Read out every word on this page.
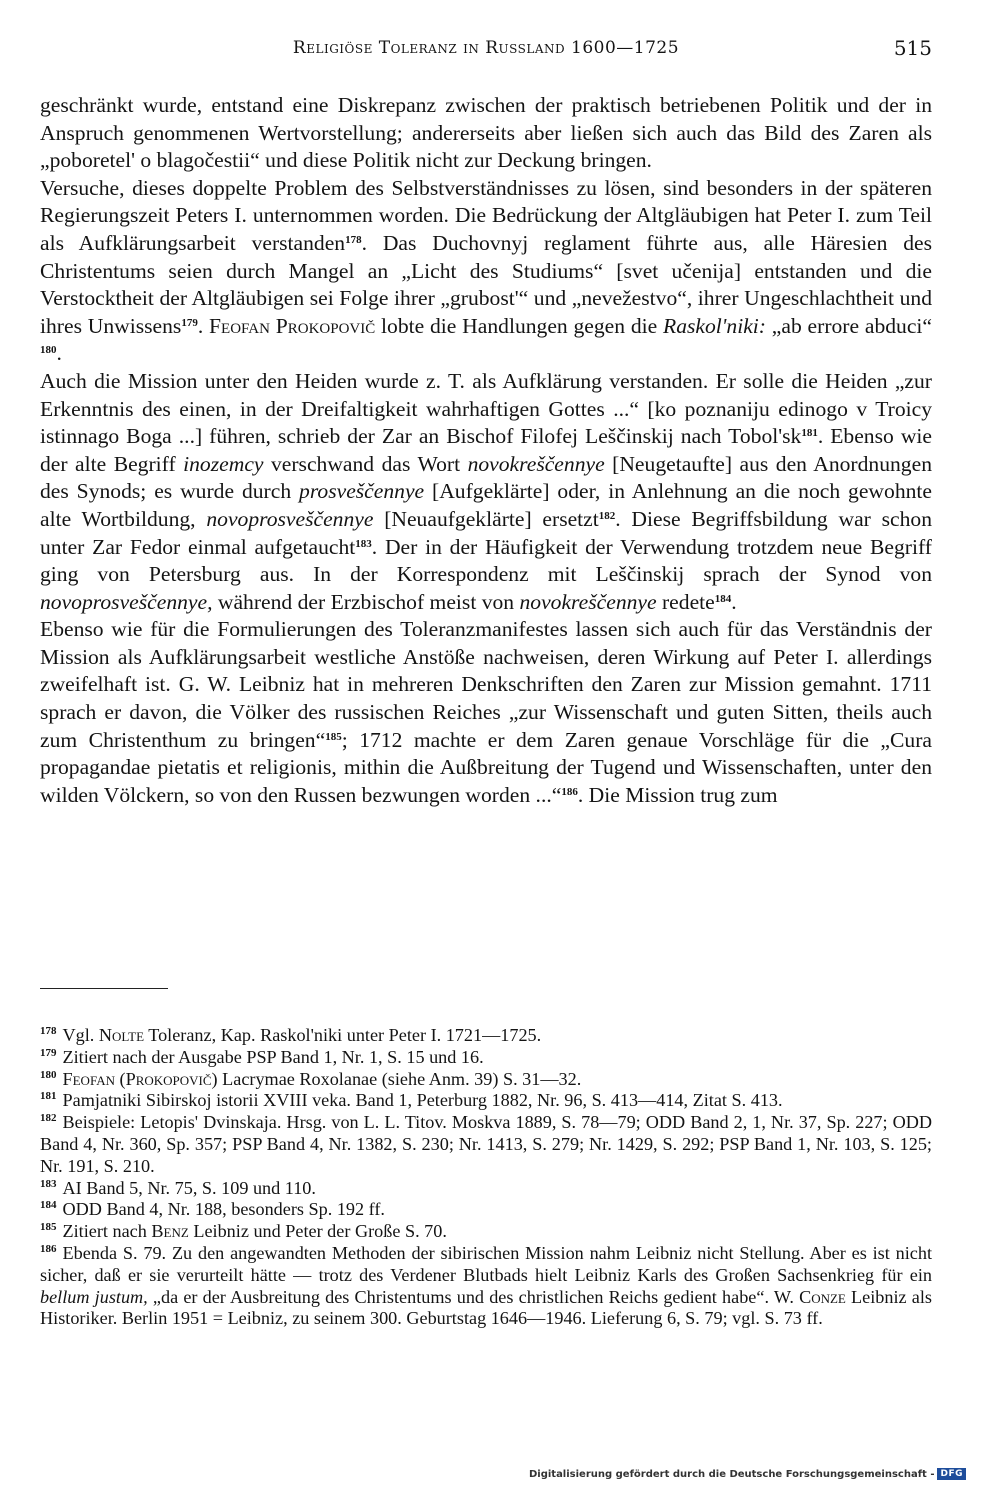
Religiöse Toleranz in Russland 1600—1725	515

geschränkt wurde, entstand eine Diskrepanz zwischen der praktisch betriebenen Politik und der in Anspruch genommenen Wertvorstellung; andererseits aber ließen sich auch das Bild des Zaren als „poboretel' o blagočestii“ und diese Politik nicht zur Deckung bringen.

Versuche, dieses doppelte Problem des Selbstverständnisses zu lösen, sind besonders in der späteren Regierungszeit Peters I. unternommen worden. Die Bedrückung der Altgläubigen hat Peter I. zum Teil als Aufklärungsarbeit verstanden$^{178}$. Das Duchovnyj reglament führte aus, alle Häresien des Christentums seien durch Mangel an „Licht des Studiums“ [svet učenija] entstanden und die Verstocktheit der Altgläubigen sei Folge ihrer „grubost'“ und „nevežestvo“, ihrer Ungeschlachtheit und ihres Unwissens$^{179}$. Feofan Prokopovič lobte die Handlungen gegen die Raskol'niki: „ab errore abduci“ $^{180}$.

Auch die Mission unter den Heiden wurde z. T. als Aufklärung verstanden. Er solle die Heiden „zur Erkenntnis des einen, in der Dreifaltigkeit wahrhaftigen Gottes ...“ [ko poznaniju edinogo v Troicy istinnago Boga ...] führen, schrieb der Zar an Bischof Filofej Leščinskij nach $Tobol'sk^{181}$. Ebenso wie der alte Begriff inozemcy verschwand das Wort novokreščennye [Neugetaufte] aus den Anordnungen des Synods; es wurde durch prosveščennye [Aufgeklärte] oder, in Anlehnung an die noch gewohnte alte Wortbildung, novoprosveščennye [Neuaufgeklärte] ersetzt$^{182}$. Diese Begriffsbildung war schon unter Zar Fedor einmal aufgetaucht$^{183}$. Der in der Häufigkeit der Verwendung trotzdem neue Begriff ging von Petersburg aus. In der Korrespondenz mit Leščinskij sprach der Synod von novoprosveščennye, während der Erzbischof meist von novokreščennye redete$^{184}$.

Ebenso wie für die Formulierungen des Toleranzmanifestes lassen sich auch für das Verständnis der Mission als Aufklärungsarbeit westliche Anstöße nachweisen, deren Wirkung auf Peter I. allerdings zweifelhaft ist. G. W. Leibniz hat in mehreren Denkschriften den Zaren zur Mission gemahnt. 1711 sprach er davon, die Völker des russischen Reiches „zur Wissenschaft und guten Sitten, theils auch zum Christenthum zu bringen“$^{185}$; 1712 machte er dem Zaren genaue Vorschläge für die „Cura propagandae pietatis et religionis, mithin die Außbreitung der Tugend und Wissenschaften, unter den wilden Völckern, so von den Russen bezwungen worden ...“$^{186}$. Die Mission trug zum

$^{178}$ Vgl. Nolte Toleranz, Kap. Raskol'niki unter Peter I. 1721—1725.

$^{179}$ Zitiert nach der Ausgabe PSP Band 1, Nr. 1, S. 15 und 16.

$^{180}$ Feofan (Prokopovič) Lacrymae Roxolanae (siehe Anm. 39) S. 31—32.

$^{181}$ Pamjatniki Sibirskoj istorii XVIII veka. Band 1, Peterburg 1882, Nr. 96, S. 413—414, Zitat S. 413.

$^{182}$ Beispiele: Letopis' Dvinskaja. Hrsg. von L. L. Titov. Moskva 1889, S. 78—79; ODD Band 2, 1, Nr. 37, Sp. 227; ODD Band 4, Nr. 360, Sp. 357; PSP Band 4, Nr. 1382, S. 230; Nr. 1413, S. 279; Nr. 1429, S. 292; PSP Band 1, Nr. 103, S. 125; Nr. 191, S. 210.

$^{183}$ AI Band 5, Nr. 75, S. 109 und 110.

$^{184}$ ODD Band 4, Nr. 188, besonders Sp. 192 ff.

$^{185}$ Zitiert nach Benz Leibniz und Peter der Große S. 70.

$^{186}$ Ebenda S. 79. Zu den angewandten Methoden der sibirischen Mission nahm Leibniz nicht Stellung. Aber es ist nicht sicher, daß er sie verurteilt hätte — trotz des Verdener Blutbads hielt Leibniz Karls des Großen Sachsenkrieg für ein bellum justum, „da er der Ausbreitung des Christentums und des christlichen Reichs gedient habe“. W. Conze Leibniz als Historiker. Berlin 1951 = Leibniz, zu seinem 300. Geburtstag 1646—1946. Lieferung 6, S. 79; vgl. S. 73 ff.

Digitalisierung gefördert durch die Deutsche Forschungsgemeinschaft - DFG
